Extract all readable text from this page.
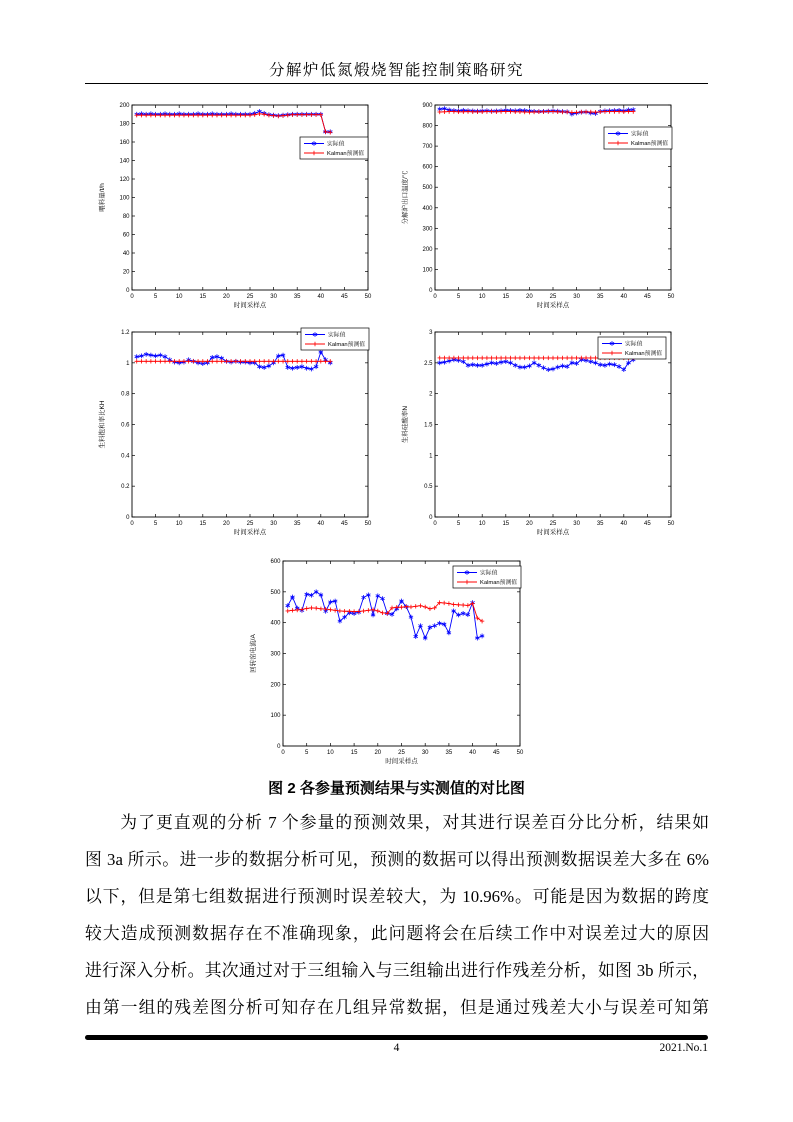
分解炉低氮煅烧智能控制策略研究
0	5	10	15	20	25	30	35	40	45	50
时间采样点
0
20
40
60
80
100
120
140
160
180
200
喂料量/t/h
实际值
Kalman预测值
0	5	10	15	20	25	30	35	40	45	50
时间采样点
0
100
200
300
400
500
600
700
800
900
分解炉出口温度/℃
实际值
Kalman预测值
0	5	10	15	20	25	30	35	40	45	50
时间采样点
0
0.2
0.4
0.6
0.8
1
1.2
生料饱和率比KH
实际值
Kalman预测值
0	5	10	15	20	25	30	35	40	45	50
时间采样点
0
0.5
1
1.5
2
2.5
3
生料硅酸率N
实际值
Kalman预测值
0	5	10	15	20	25	30	35	40	45	50
时间采样点
0
100
200
300
400
500
600
回转窑电流/A
实际值
Kalman预测值
图 2 各参量预测结果与实测值的对比图
为了更直观的分析 7 个参量的预测效果，对其进行误差百分比分析，结果如
图 3a 所示。进一步的数据分析可见，预测的数据可以得出预测数据误差大多在 6%
以下，但是第七组数据进行预测时误差较大，为 10.96%。可能是因为数据的跨度
较大造成预测数据存在不准确现象，此问题将会在后续工作中对误差过大的原因
进行深入分析。其次通过对于三组输入与三组输出进行作残差分析，如图 3b 所示，
由第一组的残差图分析可知存在几组异常数据，但是通过残差大小与误差可知第
4	2021.No.1
